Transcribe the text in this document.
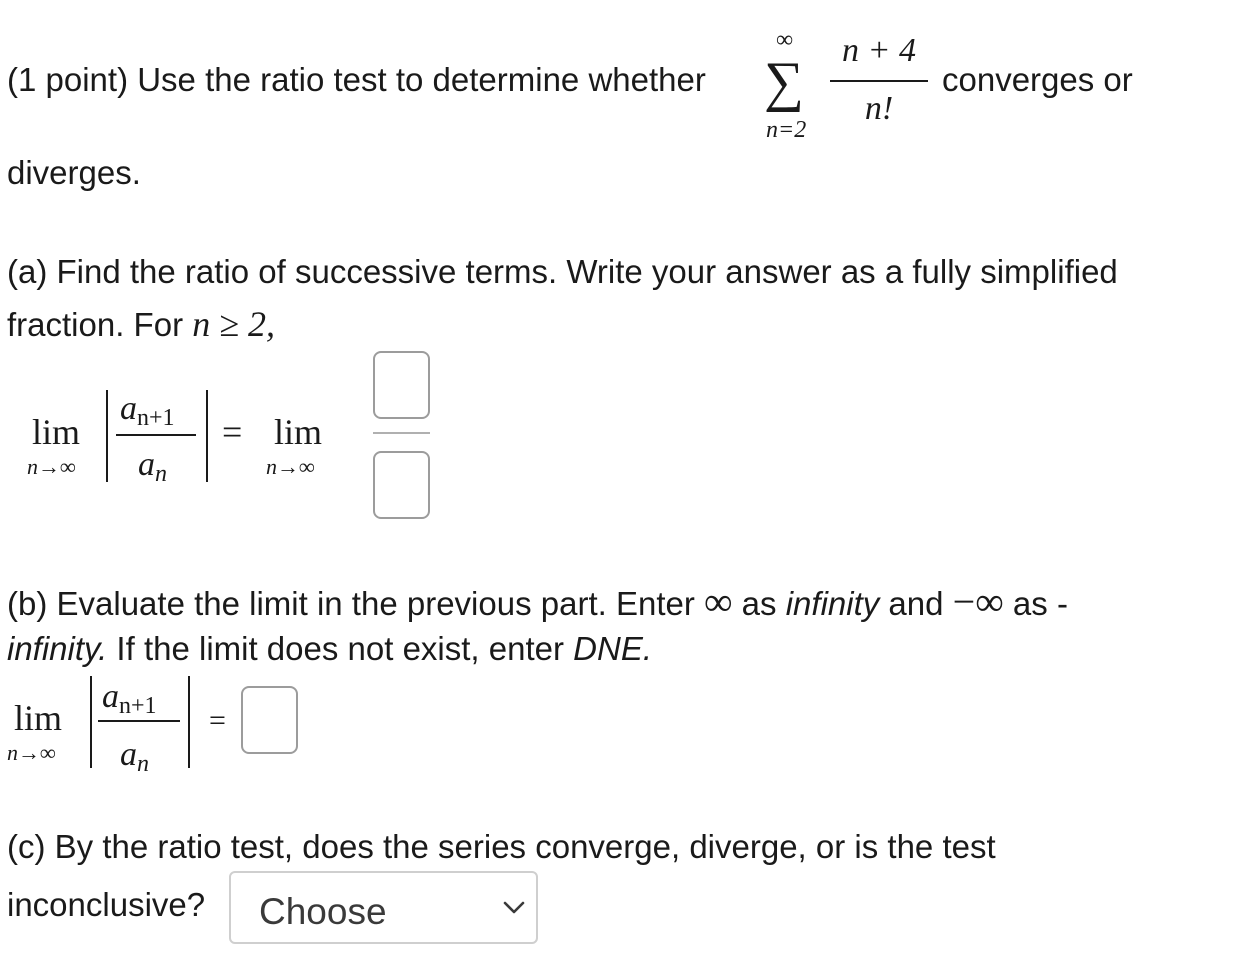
(1 point) Use the ratio test to determine whether
∞
∑
n=2
n + 4
n!
converges or
diverges.
(a) Find the ratio of successive terms. Write your answer as a fully simplified
fraction. For n ≥ 2,
lim
n→∞
an+1
an
= lim
n→∞
(b) Evaluate the limit in the previous part. Enter ∞ as infinity and −∞ as -
infinity. If the limit does not exist, enter DNE.
lim
n→∞
an+1
an
=
(c) By the ratio test, does the series converge, diverge, or is the test
inconclusive? Choose
